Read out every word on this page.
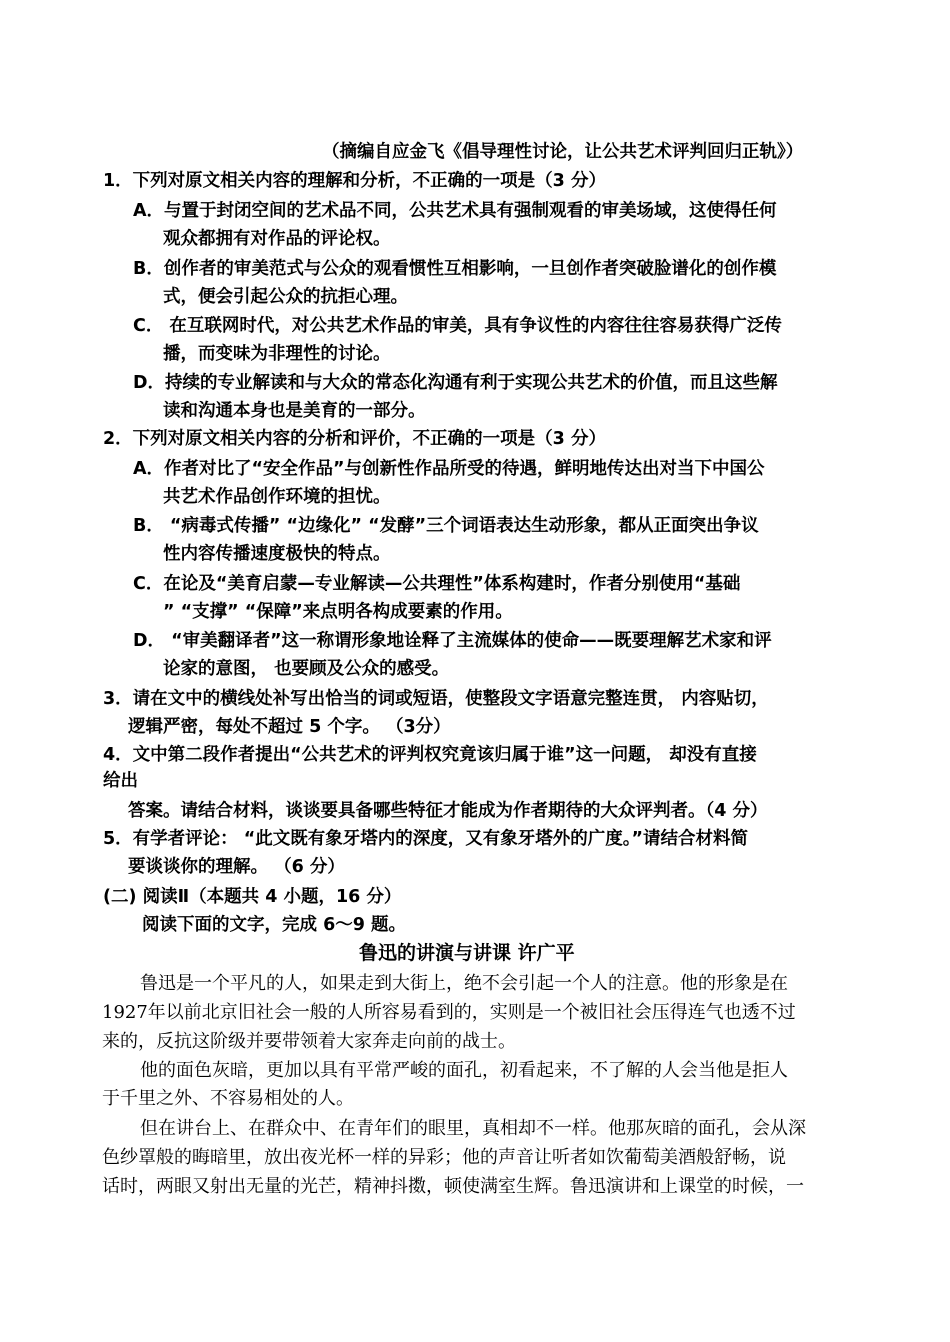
（摘编自应金飞《倡导理性讨论，让公共艺术评判回归正轨》）
1．下列对原文相关内容的理解和分析，不正确的一项是（3 分）
A．与置于封闭空间的艺术品不同，公共艺术具有强制观看的审美场域，这使得任何
观众都拥有对作品的评论权。
B．创作者的审美范式与公众的观看惯性互相影响，一旦创作者突破脸谱化的创作模
式，便会引起公众的抗拒心理。
C． 在互联网时代，对公共艺术作品的审美，具有争议性的内容往往容易获得广泛传
播，而变味为非理性的讨论。
D．持续的专业解读和与大众的常态化沟通有利于实现公共艺术的价值，而且这些解
读和沟通本身也是美育的一部分。
2．下列对原文相关内容的分析和评价，不正确的一项是（3 分）
A．作者对比了“安全作品”与创新性作品所受的待遇，鲜明地传达出对当下中国公
共艺术作品创作环境的担忧。
B． “病毒式传播” “边缘化” “发酵”三个词语表达生动形象，都从正面突出争议
性内容传播速度极快的特点。
C．在论及“美育启蒙—专业解读—公共理性”体系构建时，作者分别使用“基础
” “支撑” “保障”来点明各构成要素的作用。
D． “审美翻译者”这一称谓形象地诠释了主流媒体的使命——既要理解艺术家和评
论家的意图， 也要顾及公众的感受。
3．请在文中的横线处补写出恰当的词或短语，使整段文字语意完整连贯， 内容贴切，
逻辑严密，每处不超过 5 个字。 （3分）
4．文中第二段作者提出“公共艺术的评判权究竟该归属于谁”这一问题， 却没有直接
给出
答案。请结合材料，谈谈要具备哪些特征才能成为作者期待的大众评判者。（4 分）
5．有学者评论： “此文既有象牙塔内的深度，又有象牙塔外的广度。”请结合材料简
要谈谈你的理解。 （6 分）
(二) 阅读Ⅱ（本题共 4 小题，16 分）
阅读下面的文字，完成 6～9 题。
鲁迅的讲演与讲课 许广平
鲁迅是一个平凡的人，如果走到大街上，绝不会引起一个人的注意。他的形象是在
1927年以前北京旧社会一般的人所容易看到的，实则是一个被旧社会压得连气也透不过
来的，反抗这阶级并要带领着大家奔走向前的战士。
他的面色灰暗，更加以具有平常严峻的面孔，初看起来，不了解的人会当他是拒人
于千里之外、不容易相处的人。
但在讲台上、在群众中、在青年们的眼里，真相却不一样。他那灰暗的面孔，会从深
色纱罩般的晦暗里，放出夜光杯一样的异彩；他的声音让听者如饮葡萄美酒般舒畅，说
话时，两眼又射出无量的光芒，精神抖擞，顿使满室生辉。鲁迅演讲和上课堂的时候，一
